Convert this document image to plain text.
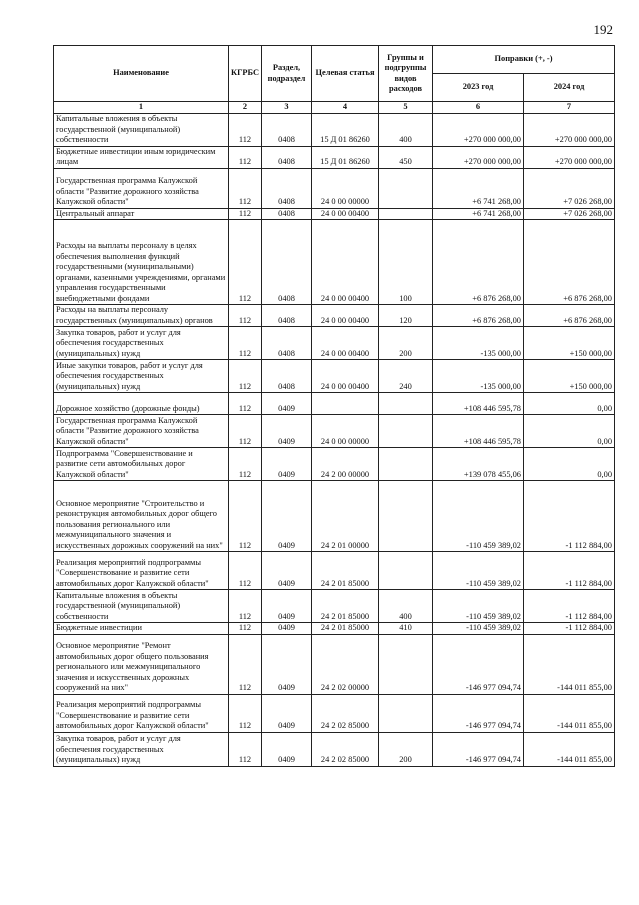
192
Наименование	КГРБС	Раздел, подраздел	Целевая статья	Группы и подгруппы видов расходов	Поправки (+, -)	
					2023 год	2024 год
1	2	3	4	5	6	7
Капитальные вложения в объекты государственной (муниципальной) собственности	112	0408	15 Д 01 86260	400	+270 000 000,00	+270 000 000,00
Бюджетные инвестиции иным юридическим лицам	112	0408	15 Д 01 86260	450	+270 000 000,00	+270 000 000,00
Государственная программа Калужской области "Развитие дорожного хозяйства Калужской области"	112	0408	24 0 00 00000		+6 741 268,00	+7 026 268,00
Центральный аппарат	112	0408	24 0 00 00400		+6 741 268,00	+7 026 268,00
Расходы на выплаты персоналу в целях обеспечения выполнения функций государственными (муниципальными) органами, казенными учреждениями, органами управления государственными внебюджетными фондами	112	0408	24 0 00 00400	100	+6 876 268,00	+6 876 268,00
Расходы на выплаты персоналу государственных (муниципальных) органов	112	0408	24 0 00 00400	120	+6 876 268,00	+6 876 268,00
Закупка товаров, работ и услуг для обеспечения государственных (муниципальных) нужд	112	0408	24 0 00 00400	200	-135 000,00	+150 000,00
Иные закупки товаров, работ и услуг для обеспечения государственных (муниципальных) нужд	112	0408	24 0 00 00400	240	-135 000,00	+150 000,00
Дорожное хозяйство (дорожные фонды)	112	0409			+108 446 595,78	0,00
Государственная программа Калужской области "Развитие дорожного хозяйства Калужской области"	112	0409	24 0 00 00000		+108 446 595,78	0,00
Подпрограмма "Совершенствование и развитие сети автомобильных дорог Калужской области"	112	0409	24 2 00 00000		+139 078 455,06	0,00
Основное мероприятие "Строительство и реконструкция автомобильных дорог общего пользования регионального или межмуниципального значения и искусственных дорожных сооружений на них"	112	0409	24 2 01 00000		-110 459 389,02	-1 112 884,00
Реализация мероприятий подпрограммы "Совершенствование и развитие сети автомобильных дорог Калужской области"	112	0409	24 2 01 85000		-110 459 389,02	-1 112 884,00
Капитальные вложения в объекты государственной (муниципальной) собственности	112	0409	24 2 01 85000	400	-110 459 389,02	-1 112 884,00
Бюджетные инвестиции	112	0409	24 2 01 85000	410	-110 459 389,02	-1 112 884,00
Основное мероприятие "Ремонт автомобильных дорог общего пользования регионального или межмуниципального значения и искусственных дорожных сооружений на них"	112	0409	24 2 02 00000		-146 977 094,74	-144 011 855,00
Реализация мероприятий подпрограммы "Совершенствование и развитие сети автомобильных дорог Калужской области"	112	0409	24 2 02 85000		-146 977 094,74	-144 011 855,00
Закупка товаров, работ и услуг для обеспечения государственных (муниципальных) нужд	112	0409	24 2 02 85000	200	-146 977 094,74	-144 011 855,00
